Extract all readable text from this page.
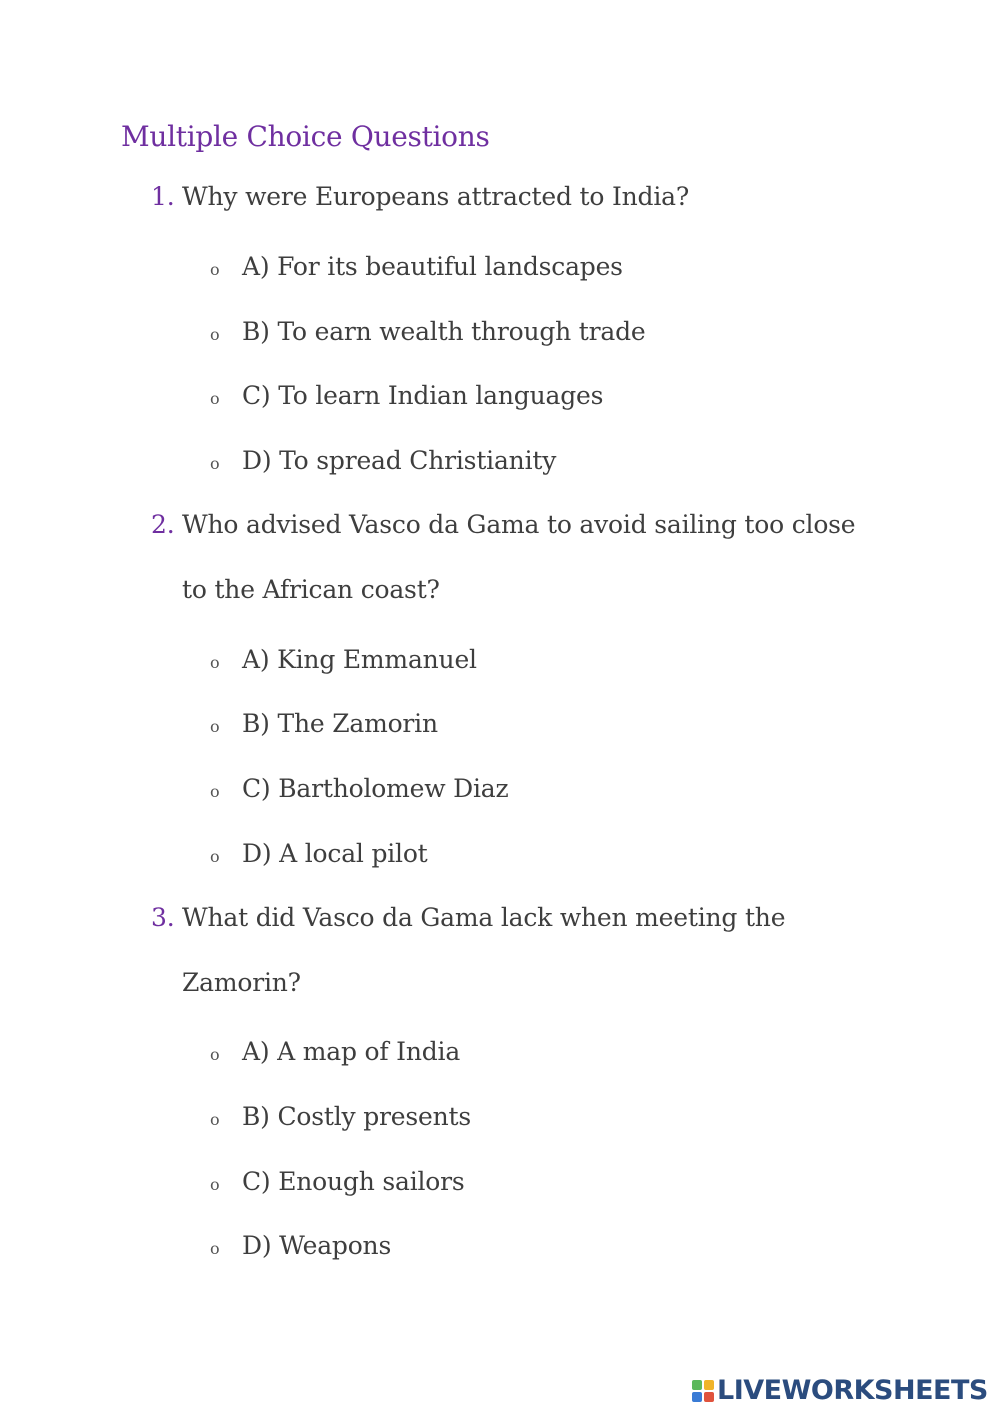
Multiple Choice Questions
1. Why were Europeans attracted to India?
o A) For its beautiful landscapes
o B) To earn wealth through trade
o C) To learn Indian languages
o D) To spread Christianity
2. Who advised Vasco da Gama to avoid sailing too close
to the African coast?
o A) King Emmanuel
o B) The Zamorin
o C) Bartholomew Diaz
o D) A local pilot
3. What did Vasco da Gama lack when meeting the
Zamorin?
o A) A map of India
o B) Costly presents
o C) Enough sailors
o D) Weapons
LIVEWORKSHEETS
